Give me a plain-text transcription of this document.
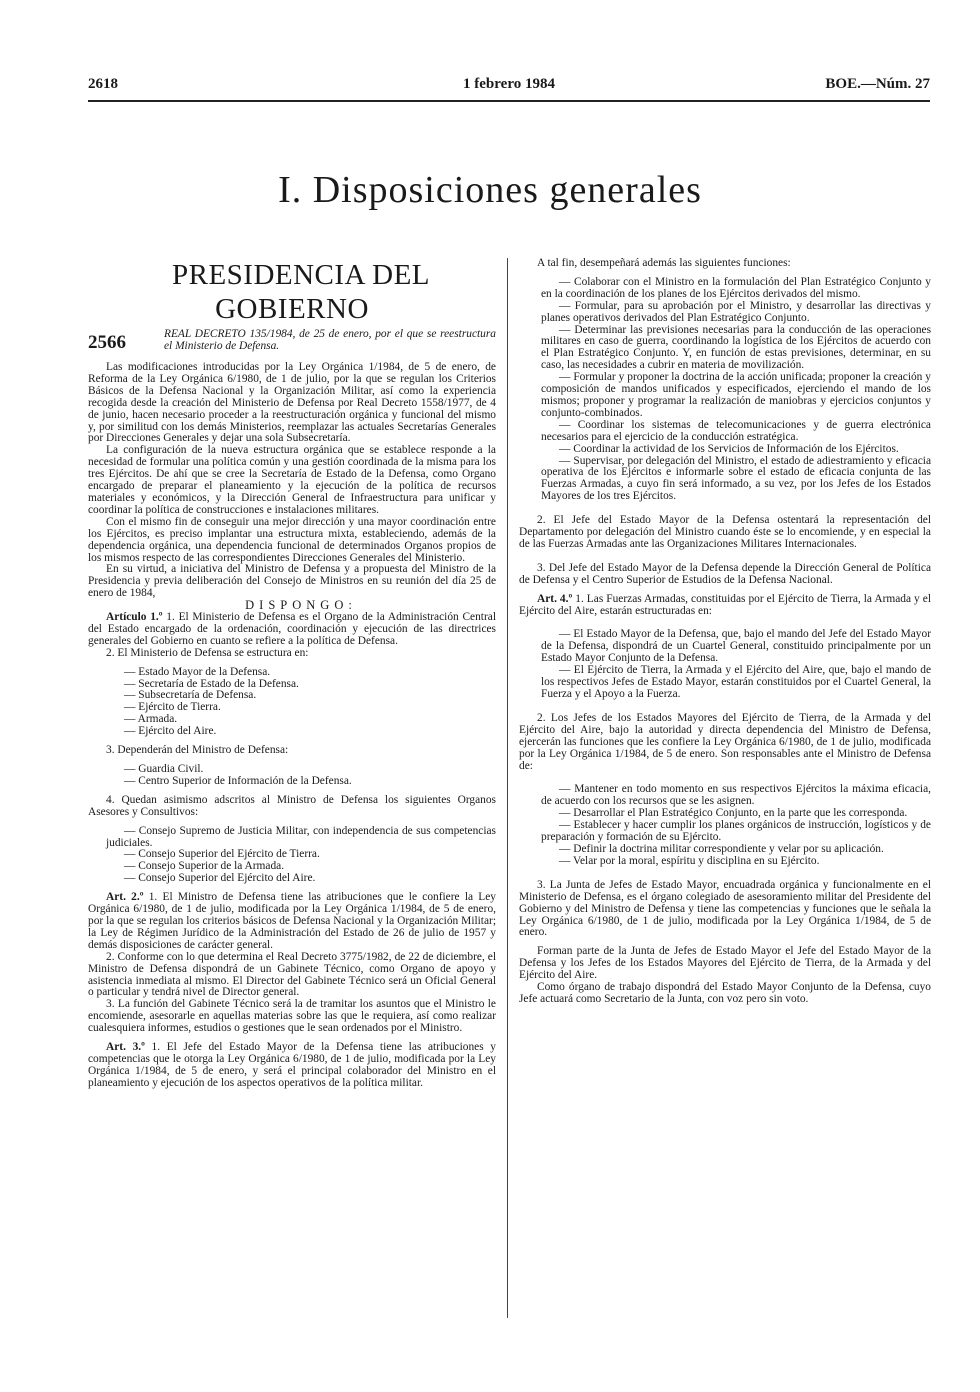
2618	1 febrero 1984	BOE.—Núm. 27
I. Disposiciones generales

PRESIDENCIA DEL GOBIERNO

2566	REAL DECRETO 135/1984, de 25 de enero, por el que se reestructura el Ministerio de Defensa.

Las modificaciones introducidas por la Ley Orgánica 1/1984, de 5 de enero, de Reforma de la Ley Orgánica 6/1980, de 1 de julio, por la que se regulan los Criterios Básicos de la Defensa Nacional y la Organización Militar, así como la experiencia recogida desde la creación del Ministerio de Defensa por Real Decreto 1558/1977, de 4 de junio, hacen necesario proceder a la reestructuración orgánica y funcional del mismo y, por similitud con los demás Ministerios, reemplazar las actuales Secretarías Generales por Direcciones Generales y dejar una sola Subsecretaría.

La configuración de la nueva estructura orgánica que se establece responde a la necesidad de formular una política común y una gestión coordinada de la misma para los tres Ejércitos. De ahí que se cree la Secretaría de Estado de la Defensa, como Organo encargado de preparar el planeamiento y la ejecución de la política de recursos materiales y económicos, y la Dirección General de Infraestructura para unificar y coordinar la política de construcciones e instalaciones militares.

Con el mismo fin de conseguir una mejor dirección y una mayor coordinación entre los Ejércitos, es preciso implantar una estructura mixta, estableciendo, además de la dependencia orgánica, una dependencia funcional de determinados Organos propios de los mismos respecto de las correspondientes Direcciones Generales del Ministerio.

En su virtud, a iniciativa del Ministro de Defensa y a propuesta del Ministro de la Presidencia y previa deliberación del Consejo de Ministros en su reunión del día 25 de enero de 1984,

DISPONGO:

Artículo 1.º 1. El Ministerio de Defensa es el Organo de la Administración Central del Estado encargado de la ordenación, coordinación y ejecución de las directrices generales del Gobierno en cuanto se refiere a la política de Defensa.

2. El Ministerio de Defensa se estructura en:

— Estado Mayor de la Defensa.

— Secretaría de Estado de la Defensa.

— Subsecretaría de Defensa.

— Ejército de Tierra.

— Armada.

— Ejército del Aire.

3. Dependerán del Ministro de Defensa:

— Guardia Civil.

— Centro Superior de Información de la Defensa.

4. Quedan asimismo adscritos al Ministro de Defensa los siguientes Organos Asesores y Consultivos:

— Consejo Supremo de Justicia Militar, con independencia de sus competencias judiciales.

— Consejo Superior del Ejército de Tierra.

— Consejo Superior de la Armada.

— Consejo Superior del Ejército del Aire.

Art. 2.º 1. El Ministro de Defensa tiene las atribuciones que le confiere la Ley Orgánica 6/1980, de 1 de julio, modificada por la Ley Orgánica 1/1984, de 5 de enero, por la que se regulan los criterios básicos de Defensa Nacional y la Organización Militar; la Ley de Régimen Jurídico de la Administración del Estado de 26 de julio de 1957 y demás disposiciones de carácter general.

2. Conforme con lo que determina el Real Decreto 3775/1982, de 22 de diciembre, el Ministro de Defensa dispondrá de un Gabinete Técnico, como Organo de apoyo y asistencia inmediata al mismo. El Director del Gabinete Técnico será un Oficial General o particular y tendrá nivel de Director general.

3. La función del Gabinete Técnico será la de tramitar los asuntos que el Ministro le encomiende, asesorarle en aquellas materias sobre las que le requiera, así como realizar cualesquiera informes, estudios o gestiones que le sean ordenados por el Ministro.

Art. 3.º 1. El Jefe del Estado Mayor de la Defensa tiene las atribuciones y competencias que le otorga la Ley Orgánica 6/1980, de 1 de julio, modificada por la Ley Orgánica 1/1984, de 5 de enero, y será el principal colaborador del Ministro en el planeamiento y ejecución de los aspectos operativos de la política militar.

A tal fin, desempeñará además las siguientes funciones:

— Colaborar con el Ministro en la formulación del Plan Estratégico Conjunto y en la coordinación de los planes de los Ejércitos derivados del mismo.

— Formular, para su aprobación por el Ministro, y desarrollar las directivas y planes operativos derivados del Plan Estratégico Conjunto.

— Determinar las previsiones necesarias para la conducción de las operaciones militares en caso de guerra, coordinando la logística de los Ejércitos de acuerdo con el Plan Estratégico Conjunto. Y, en función de estas previsiones, determinar, en su caso, las necesidades a cubrir en materia de movilización.

— Formular y proponer la doctrina de la acción unificada; proponer la creación y composición de mandos unificados y especificados, ejerciendo el mando de los mismos; proponer y programar la realización de maniobras y ejercicios conjuntos y conjunto-combinados.

— Coordinar los sistemas de telecomunicaciones y de guerra electrónica necesarios para el ejercicio de la conducción estratégica.

— Coordinar la actividad de los Servicios de Información de los Ejércitos.

— Supervisar, por delegación del Ministro, el estado de adiestramiento y eficacia operativa de los Ejércitos e informarle sobre el estado de eficacia conjunta de las Fuerzas Armadas, a cuyo fin será informado, a su vez, por los Jefes de los Estados Mayores de los tres Ejércitos.

2. El Jefe del Estado Mayor de la Defensa ostentará la representación del Departamento por delegación del Ministro cuando éste se lo encomiende, y en especial la de las Fuerzas Armadas ante las Organizaciones Militares Internacionales.

3. Del Jefe del Estado Mayor de la Defensa depende la Dirección General de Política de Defensa y el Centro Superior de Estudios de la Defensa Nacional.

Art. 4.º 1. Las Fuerzas Armadas, constituidas por el Ejército de Tierra, la Armada y el Ejército del Aire, estarán estructuradas en:

— El Estado Mayor de la Defensa, que, bajo el mando del Jefe del Estado Mayor de la Defensa, dispondrá de un Cuartel General, constituido principalmente por un Estado Mayor Conjunto de la Defensa.

— El Ejército de Tierra, la Armada y el Ejército del Aire, que, bajo el mando de los respectivos Jefes de Estado Mayor, estarán constituidos por el Cuartel General, la Fuerza y el Apoyo a la Fuerza.

2. Los Jefes de los Estados Mayores del Ejército de Tierra, de la Armada y del Ejército del Aire, bajo la autoridad y directa dependencia del Ministro de Defensa, ejercerán las funciones que les confiere la Ley Orgánica 6/1980, de 1 de julio, modificada por la Ley Orgánica 1/1984, de 5 de enero. Son responsables ante el Ministro de Defensa de:

— Mantener en todo momento en sus respectivos Ejércitos la máxima eficacia, de acuerdo con los recursos que se les asignen.

— Desarrollar el Plan Estratégico Conjunto, en la parte que les corresponda.

— Establecer y hacer cumplir los planes orgánicos de instrucción, logísticos y de preparación y formación de su Ejército.

— Definir la doctrina militar correspondiente y velar por su aplicación.

— Velar por la moral, espíritu y disciplina en su Ejército.

3. La Junta de Jefes de Estado Mayor, encuadrada orgánica y funcionalmente en el Ministerio de Defensa, es el órgano colegiado de asesoramiento militar del Presidente del Gobierno y del Ministro de Defensa y tiene las competencias y funciones que le señala la Ley Orgánica 6/1980, de 1 de julio, modificada por la Ley Orgánica 1/1984, de 5 de enero.

Forman parte de la Junta de Jefes de Estado Mayor el Jefe del Estado Mayor de la Defensa y los Jefes de los Estados Mayores del Ejército de Tierra, de la Armada y del Ejército del Aire.

Como órgano de trabajo dispondrá del Estado Mayor Conjunto de la Defensa, cuyo Jefe actuará como Secretario de la Junta, con voz pero sin voto.
